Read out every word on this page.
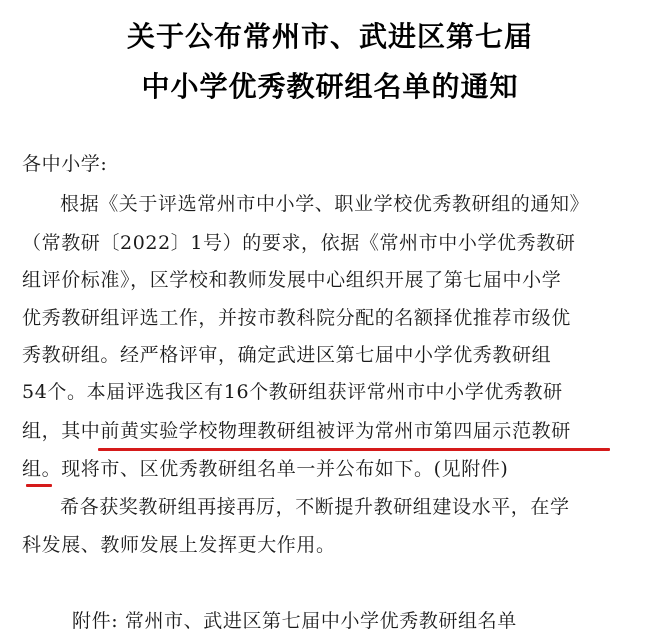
关于公布常州市、武进区第七届
中小学优秀教研组名单的通知
各中小学:
根据《关于评选常州市中小学、职业学校优秀教研组的通知》
（常教研〔2022〕1号）的要求，依据《常州市中小学优秀教研
组评价标准》，区学校和教师发展中心组织开展了第七届中小学
优秀教研组评选工作，并按市教科院分配的名额择优推荐市级优
秀教研组。经严格评审，确定武进区第七届中小学优秀教研组
54个。本届评选我区有16个教研组获评常州市中小学优秀教研
组，其中前黄实验学校物理教研组被评为常州市第四届示范教研
组。现将市、区优秀教研组名单一并公布如下。(见附件)
希各获奖教研组再接再厉，不断提升教研组建设水平，在学
科发展、教师发展上发挥更大作用。
附件: 常州市、武进区第七届中小学优秀教研组名单
